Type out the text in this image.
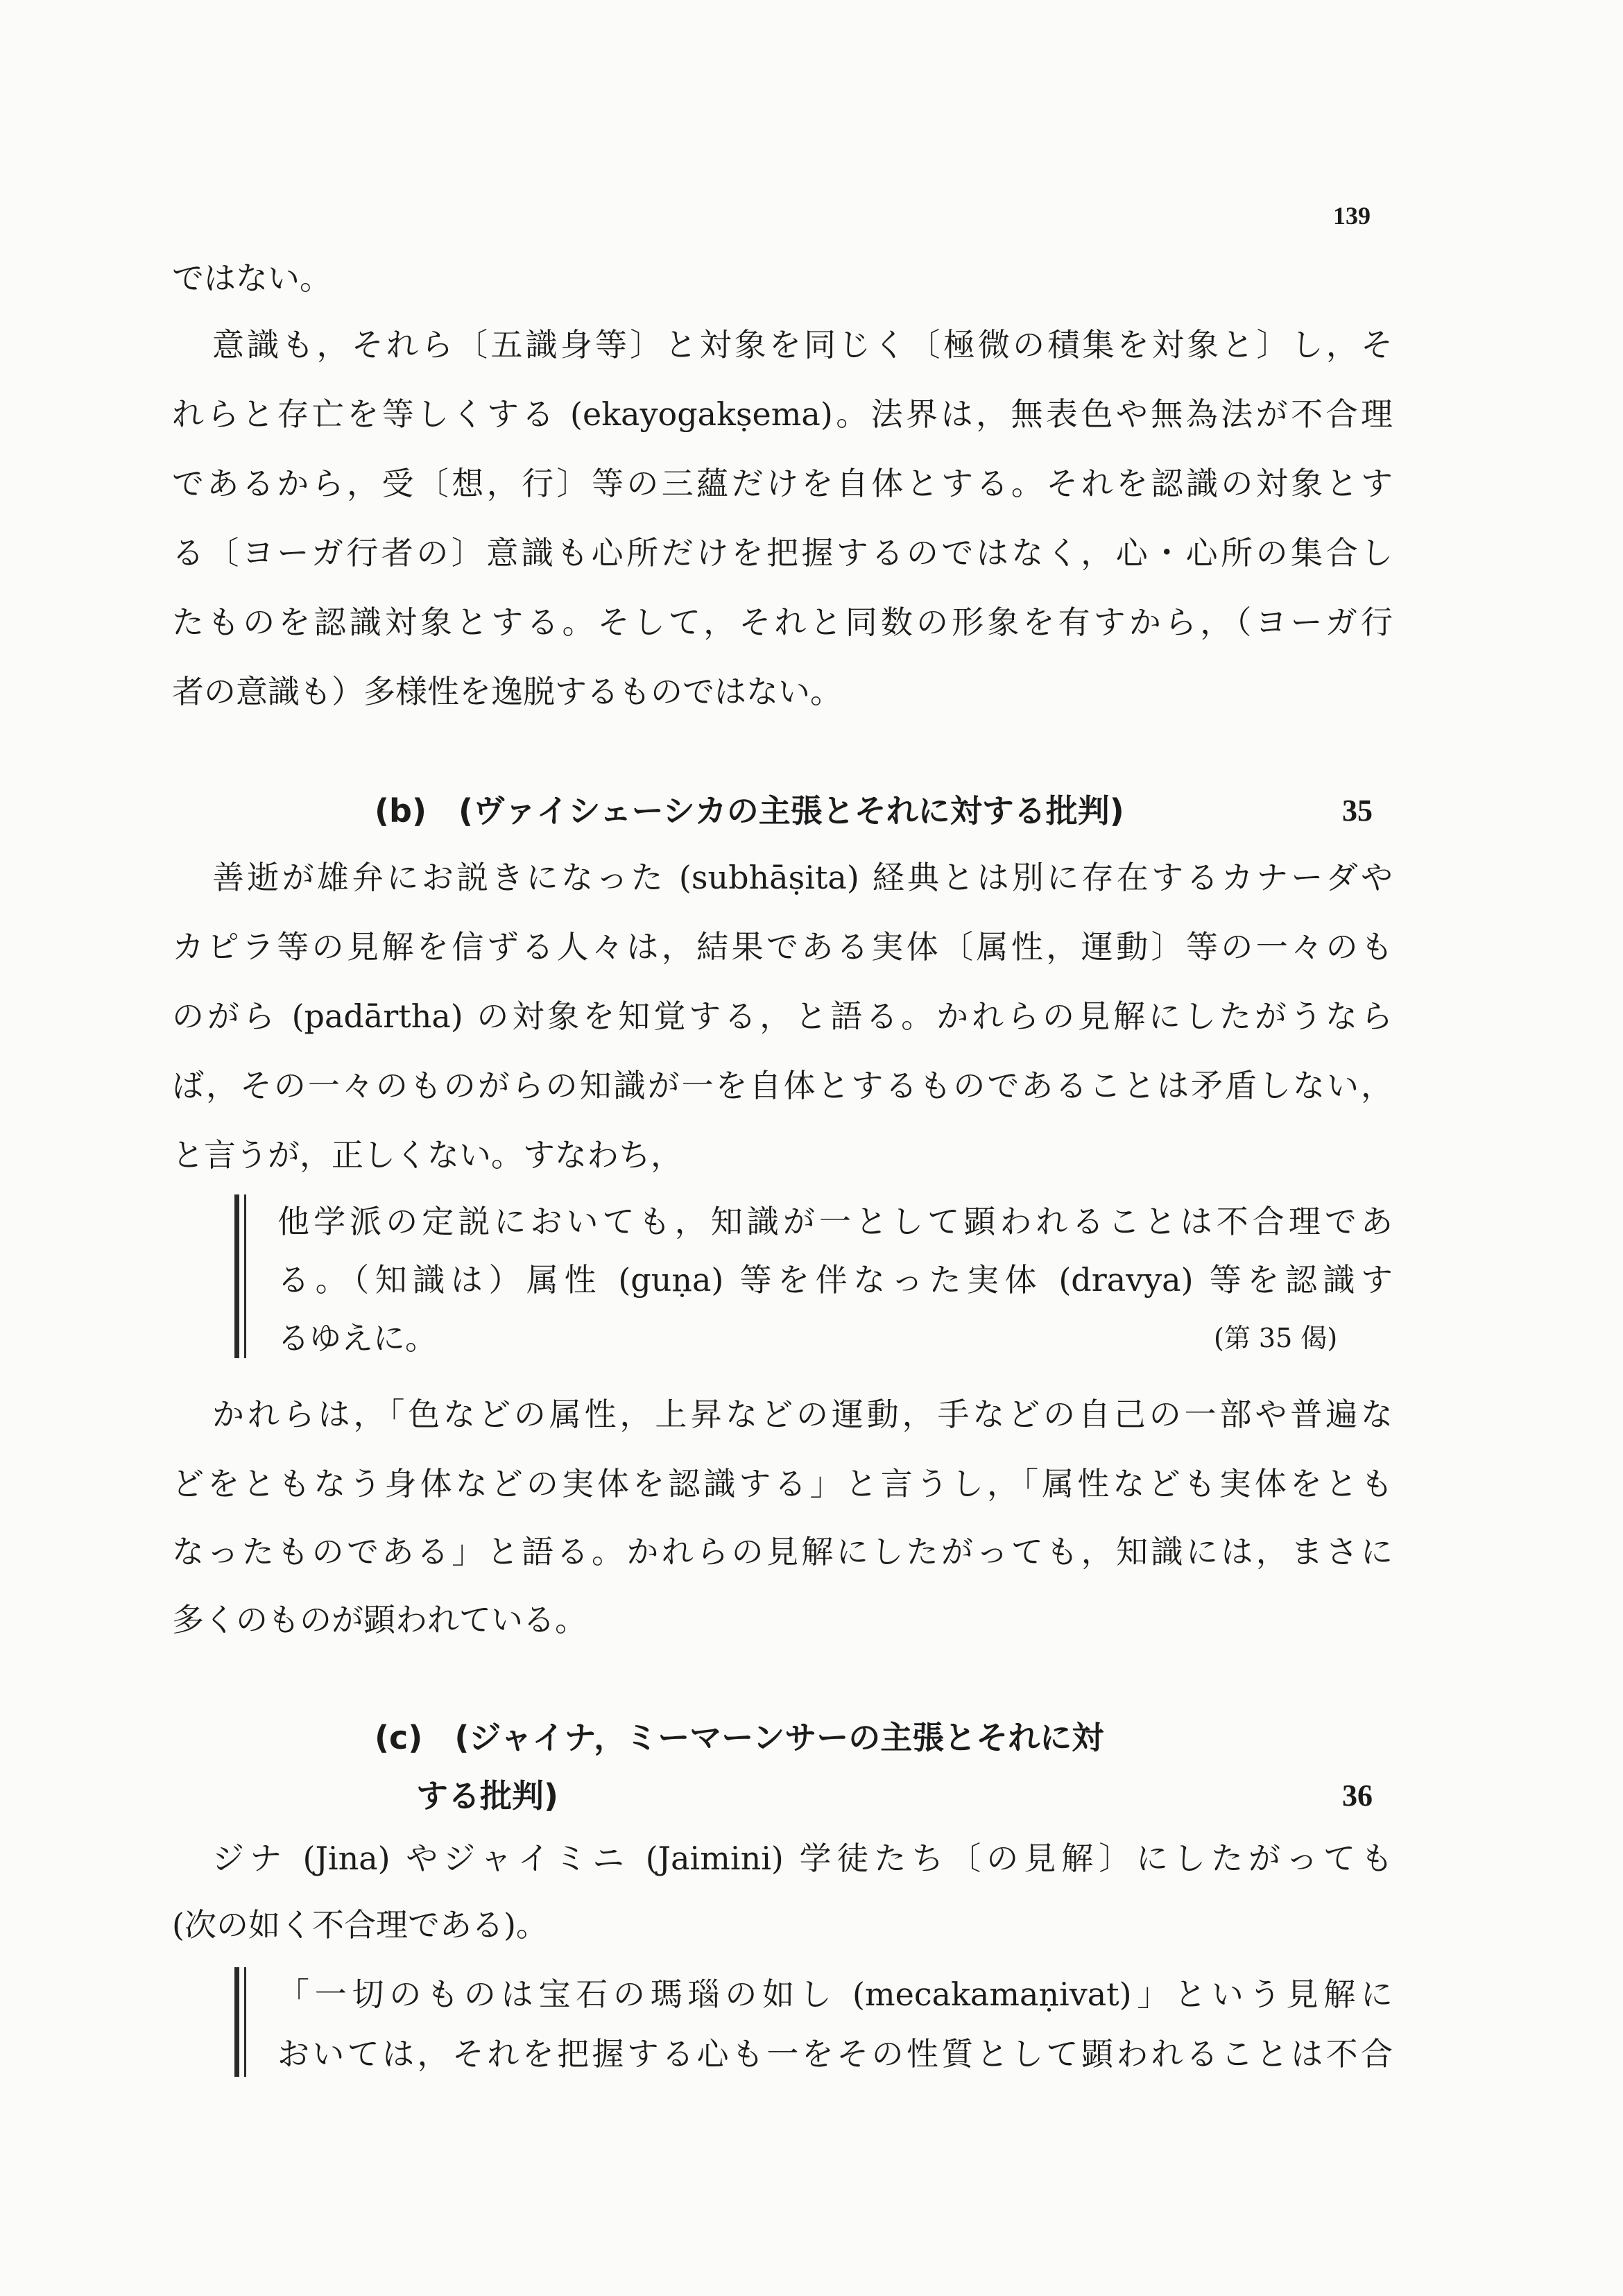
139
ではない。
意識も，それら〔五識身等〕と対象を同じく〔極微の積集を対象と〕し，そ
れらと存亡を等しくする (ekayogakṣema)。法界は，無表色や無為法が不合理
であるから，受〔想，行〕等の三蘊だけを自体とする。それを認識の対象とす
る〔ヨーガ行者の〕意識も心所だけを把握するのではなく，心・心所の集合し
たものを認識対象とする。そして，それと同数の形象を有すから，（ヨーガ行
者の意識も）多様性を逸脱するものではない。
(b)　(ヴァイシェーシカの主張とそれに対する批判)	35
善逝が雄弁にお説きになった (subhāṣita) 経典とは別に存在するカナーダや
カピラ等の見解を信ずる人々は，結果である実体〔属性，運動〕等の一々のも
のがら (padārtha) の対象を知覚する，と語る。かれらの見解にしたがうなら
ば，その一々のものがらの知識が一を自体とするものであることは矛盾しない，
と言うが，正しくない。すなわち，
他学派の定説においても，知識が一として顕われることは不合理であ
る。（知識は）属性 (guṇa) 等を伴なった実体 (dravya) 等を認識す
るゆえに。	(第 35 偈)
かれらは，「色などの属性，上昇などの運動，手などの自己の一部や普遍な
どをともなう身体などの実体を認識する」と言うし，「属性なども実体をとも
なったものである」と語る。かれらの見解にしたがっても，知識には，まさに
多くのものが顕われている。
(c)　(ジャイナ，ミーマーンサーの主張とそれに対
する批判)	36
ジナ (Jina) やジャイミニ (Jaimini) 学徒たち〔の見解〕にしたがっても
(次の如く不合理である)。
「一切のものは宝石の瑪瑙の如し (mecakamaṇivat)」という見解に
おいては，それを把握する心も一をその性質として顕われることは不合
